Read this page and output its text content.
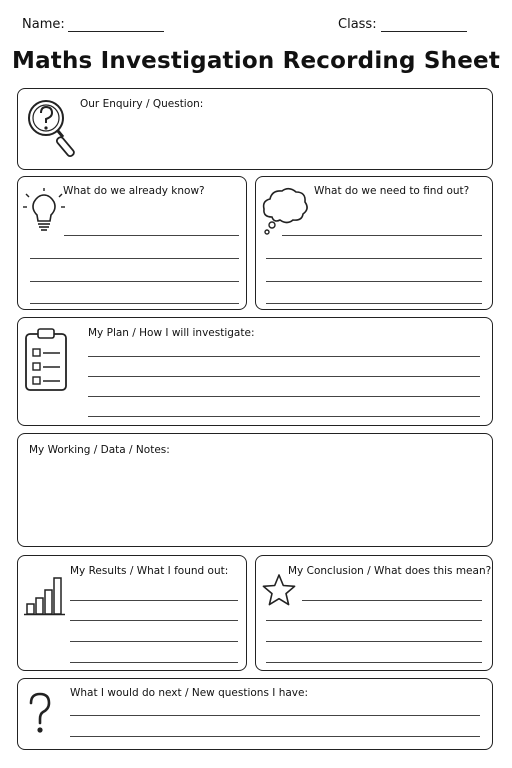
Name:	Class:
Maths Investigation Recording Sheet
Our Enquiry / Question:
What do we already know?	What do we need to find out?
My Plan / How I will investigate:
My Working / Data / Notes:
My Results / What I found out:	My Conclusion / What does this mean?
What I would do next / New questions I have:
